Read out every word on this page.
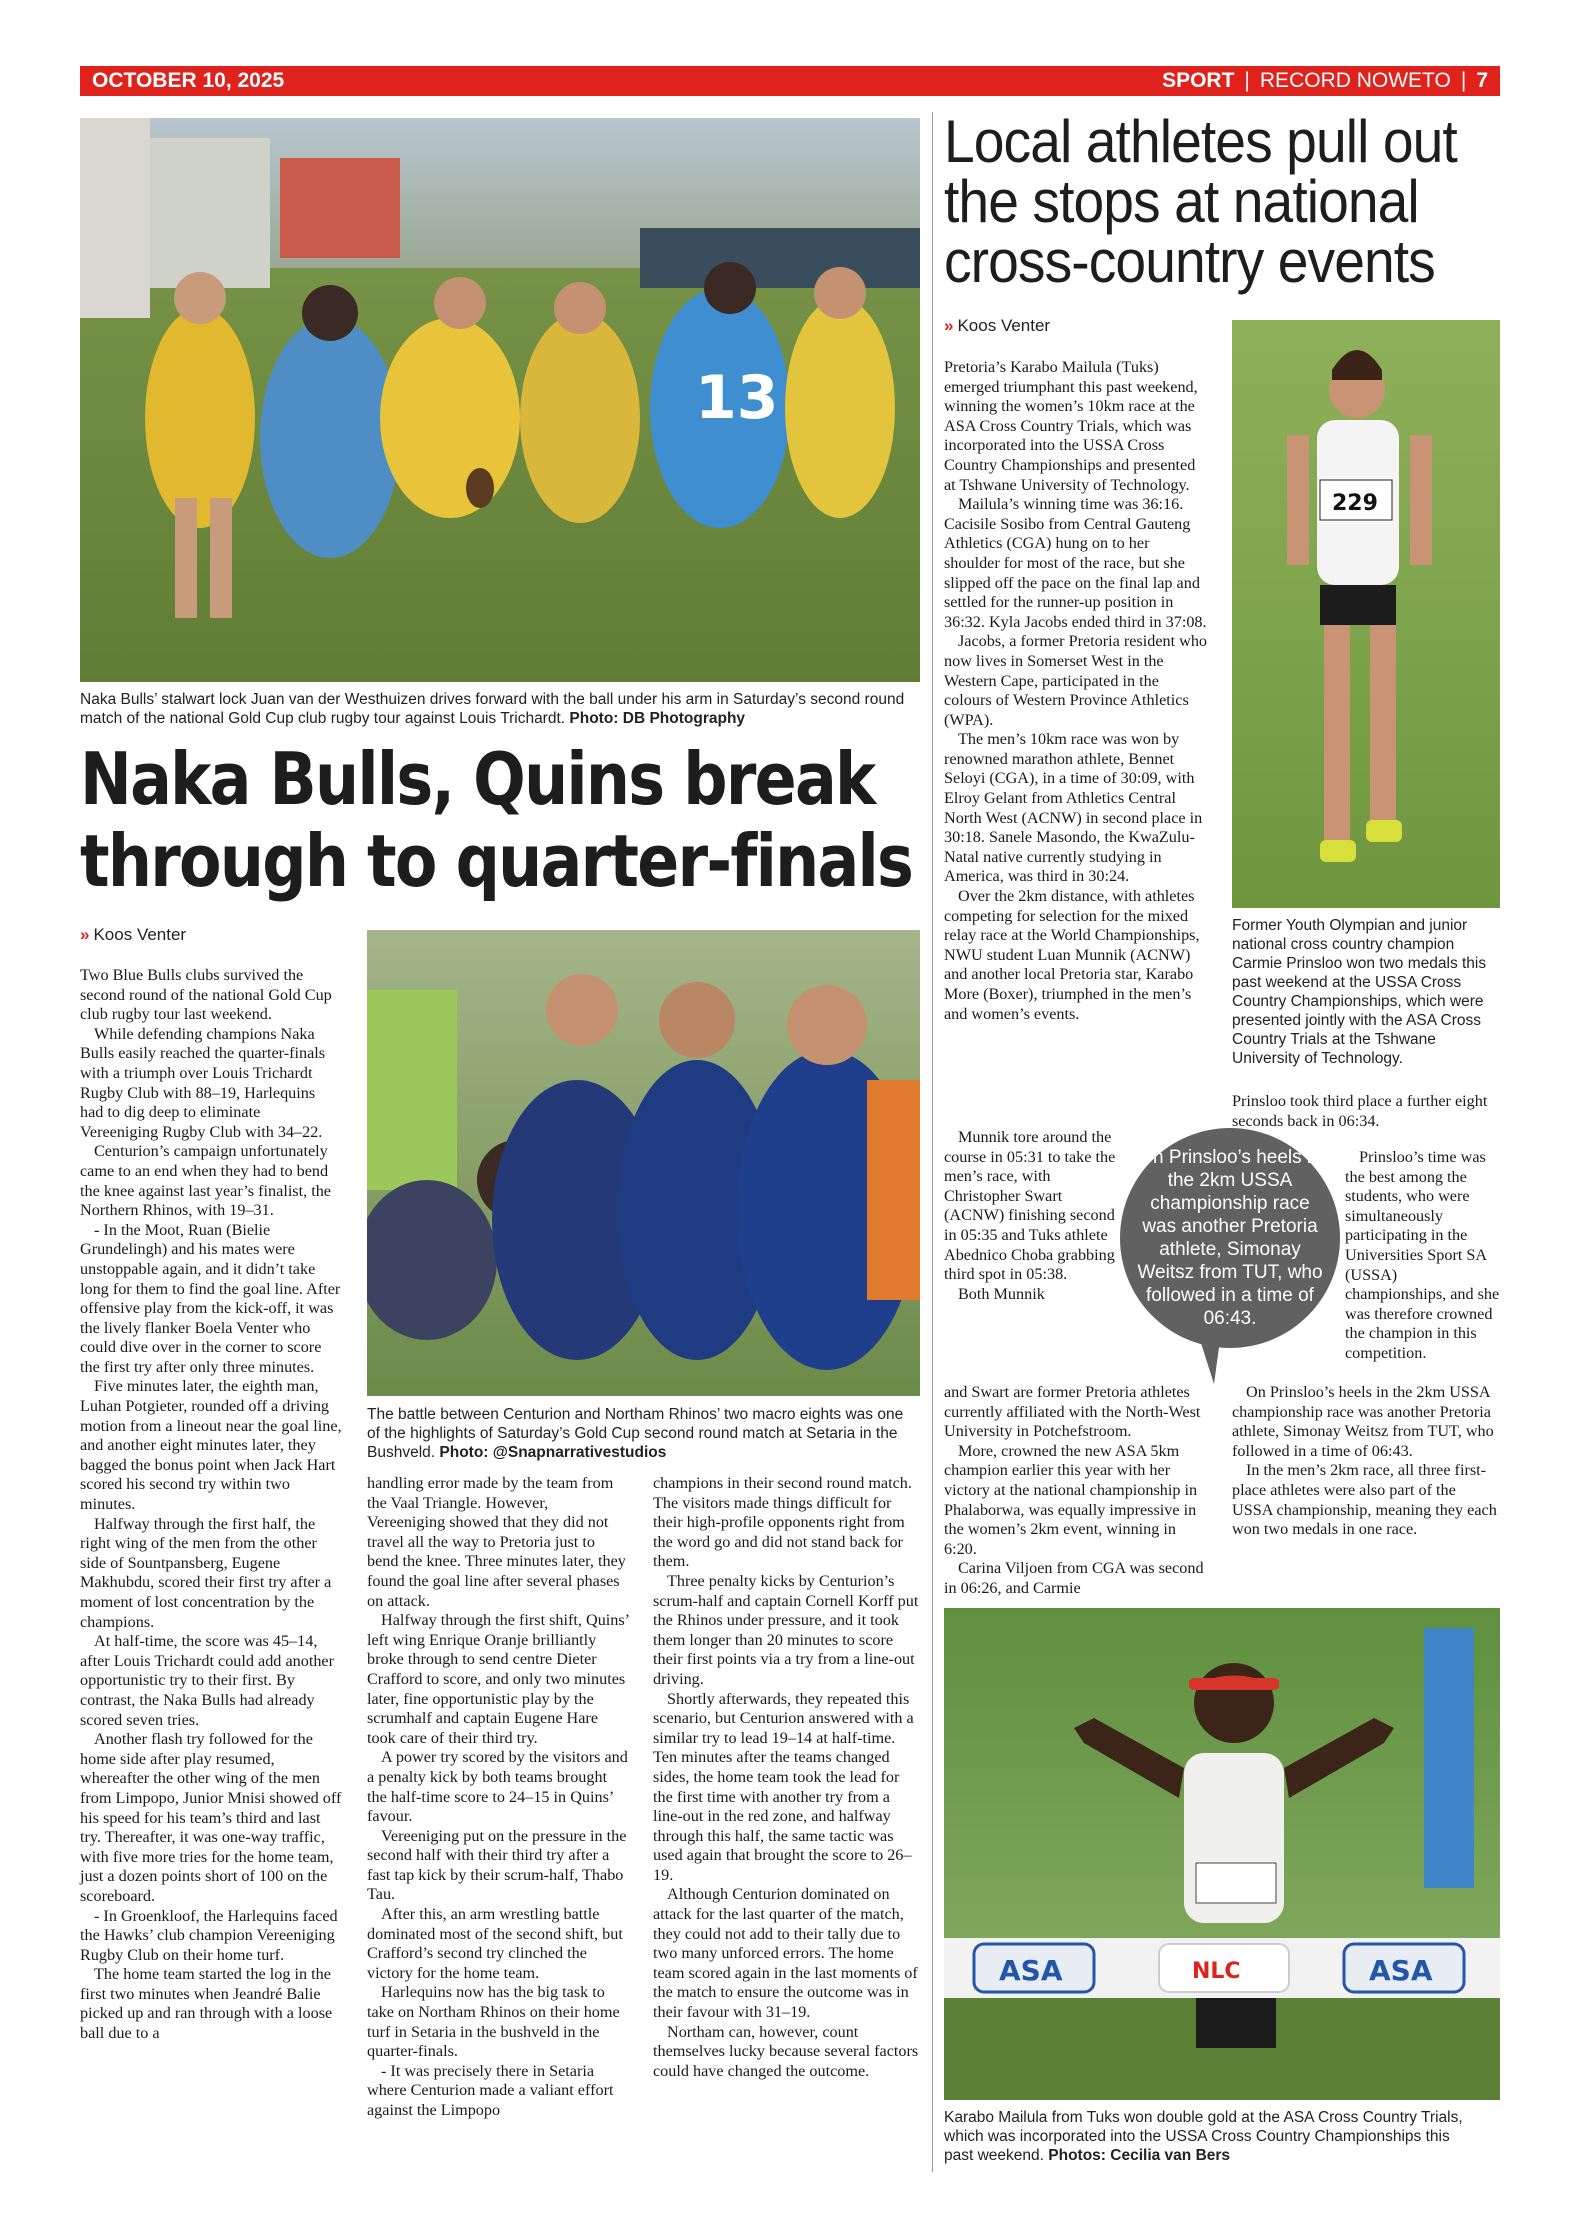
OCTOBER 10, 2025	SPORT | RECORD NOWETO | 7
13
Naka Bulls’ stalwart lock Juan van der Westhuizen drives forward with the ball under his arm in Saturday’s second round match of the national Gold Cup club rugby tour against Louis Trichardt. Photo: DB Photography
Naka Bulls, Quins break
through to quarter-finals
» Koos Venter
The battle between Centurion and Northam Rhinos’ two macro eights was one of the highlights of Saturday’s Gold Cup second round match at Setaria in the Bushveld. Photo: @Snapnarrativestudios

Two Blue Bulls clubs survived the second round of the national Gold Cup club rugby tour last weekend.

While defending champions Naka Bulls easily reached the quarter-finals with a triumph over Louis Trichardt Rugby Club with 88–19, Harlequins had to dig deep to eliminate Vereeniging Rugby Club with 34–22.

Centurion’s campaign unfortunately came to an end when they had to bend the knee against last year’s finalist, the Northern Rhinos, with 19–31.

- In the Moot, Ruan (Bielie Grundelingh) and his mates were unstoppable again, and it didn’t take long for them to find the goal line. After offensive play from the kick-off, it was the lively flanker Boela Venter who could dive over in the corner to score the first try after only three minutes.

Five minutes later, the eighth man, Luhan Potgieter, rounded off a driving motion from a lineout near the goal line, and another eight minutes later, they bagged the bonus point when Jack Hart scored his second try within two minutes.

Halfway through the first half, the right wing of the men from the other side of Sountpansberg, Eugene Makhubdu, scored their first try after a moment of lost concentration by the champions.

At half-time, the score was 45–14, after Louis Trichardt could add another opportunistic try to their first. By contrast, the Naka Bulls had already scored seven tries.

Another flash try followed for the home side after play resumed, whereafter the other wing of the men from Limpopo, Junior Mnisi showed off his speed for his team’s third and last try. Thereafter, it was one-way traffic, with five more tries for the home team, just a dozen points short of 100 on the scoreboard.

- In Groenkloof, the Harlequins faced the Hawks’ club champion Vereeniging Rugby Club on their home turf.

The home team started the log in the first two minutes when Jeandré Balie picked up and ran through with a loose ball due to a

handling error made by the team from the Vaal Triangle. However, Vereeniging showed that they did not travel all the way to Pretoria just to bend the knee. Three minutes later, they found the goal line after several phases on attack.

Halfway through the first shift, Quins’ left wing Enrique Oranje brilliantly broke through to send centre Dieter Crafford to score, and only two minutes later, fine opportunistic play by the scrumhalf and captain Eugene Hare took care of their third try.

A power try scored by the visitors and a penalty kick by both teams brought the half-time score to 24–15 in Quins’ favour.

Vereeniging put on the pressure in the second half with their third try after a fast tap kick by their scrum-half, Thabo Tau.

After this, an arm wrestling battle dominated most of the second shift, but Crafford’s second try clinched the victory for the home team.

Harlequins now has the big task to take on Northam Rhinos on their home turf in Setaria in the bushveld in the quarter-finals.

- It was precisely there in Setaria where Centurion made a valiant effort against the Limpopo

champions in their second round match. The visitors made things difficult for their high-profile opponents right from the word go and did not stand back for them.

Three penalty kicks by Centurion’s scrum-half and captain Cornell Korff put the Rhinos under pressure, and it took them longer than 20 minutes to score their first points via a try from a line-out driving.

Shortly afterwards, they repeated this scenario, but Centurion answered with a similar try to lead 19–14 at half-time. Ten minutes after the teams changed sides, the home team took the lead for the first time with another try from a line-out in the red zone, and halfway through this half, the same tactic was used again that brought the score to 26–19.

Although Centurion dominated on attack for the last quarter of the match, they could not add to their tally due to two many unforced errors. The home team scored again in the last moments of the match to ensure the outcome was in their favour with 31–19.

Northam can, however, count themselves lucky because several factors could have changed the outcome.

Local athletes pull out the stops at national cross-country events
» Koos Venter

Pretoria’s Karabo Mailula (Tuks) emerged triumphant this past weekend, winning the women’s 10km race at the ASA Cross Country Trials, which was incorporated into the USSA Cross Country Championships and presented at Tshwane University of Technology.

Mailula’s winning time was 36:16. Cacisile Sosibo from Central Gauteng Athletics (CGA) hung on to her shoulder for most of the race, but she slipped off the pace on the final lap and settled for the runner-up position in 36:32. Kyla Jacobs ended third in 37:08.

Jacobs, a former Pretoria resident who now lives in Somerset West in the Western Cape, participated in the colours of Western Province Athletics (WPA).

The men’s 10km race was won by renowned marathon athlete, Bennet Seloyi (CGA), in a time of 30:09, with Elroy Gelant from Athletics Central North West (ACNW) in second place in 30:18. Sanele Masondo, the KwaZulu-Natal native currently studying in America, was third in 30:24.

Over the 2km distance, with athletes competing for selection for the mixed relay race at the World Championships, NWU student Luan Munnik (ACNW) and another local Pretoria star, Karabo More (Boxer), triumphed in the men’s and women’s events.

Munnik tore around the course in 05:31 to take the men’s race, with Christopher Swart (ACNW) finishing second in 05:35 and Tuks athlete Abednico Choba grabbing third spot in 05:38.

Both Munnik

and Swart are former Pretoria athletes currently affiliated with the North-West University in Potchefstroom.

More, crowned the new ASA 5km champion earlier this year with her victory at the national championship in Phalaborwa, was equally impressive in the women’s 2km event, winning in 6:20.

Carina Viljoen from CGA was second in 06:26, and Carmie

229
Former Youth Olympian and junior national cross country champion Carmie Prinsloo won two medals this past weekend at the USSA Cross Country Championships, which were presented jointly with the ASA Cross Country Trials at the Tshwane University of Technology.

Prinsloo took third place a further eight seconds back in 06:34.

Prinsloo’s time was the best among the students, who were simultaneously participating in the Universities Sport SA (USSA) championships, and she was therefore crowned the champion in this competition.

On Prinsloo’s heels in the 2km USSA championship race was another Pretoria athlete, Simonay Weitsz from TUT, who followed in a time of 06:43.

In the men’s 2km race, all three first-place athletes were also part of the USSA championship, meaning they each won two medals in one race.

On Prinsloo’s heels in the 2km USSA championship race was another Pretoria athlete, Simonay Weitsz from TUT, who followed in a time of 06:43.
ASA	NLC	ASA
Karabo Mailula from Tuks won double gold at the ASA Cross Country Trials, which was incorporated into the USSA Cross Country Championships this past weekend. Photos: Cecilia van Bers
